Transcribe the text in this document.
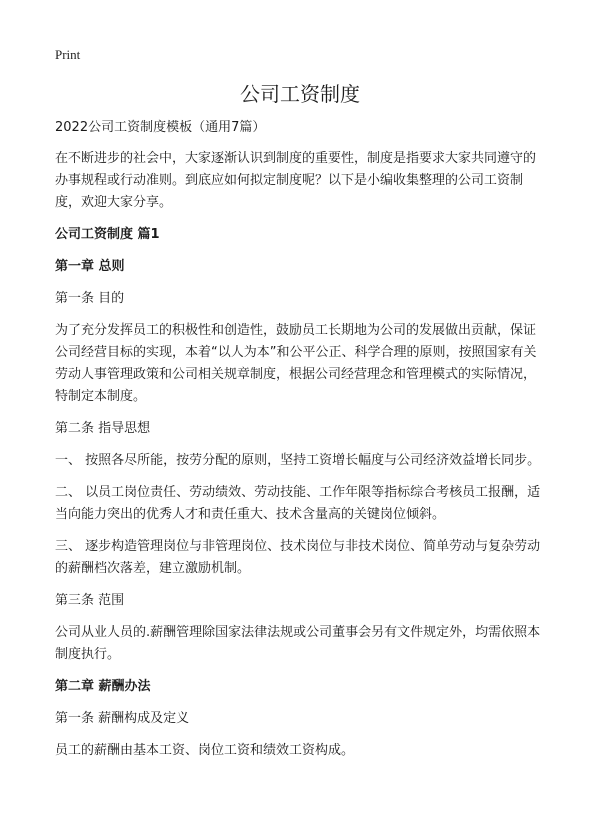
Print
公司工资制度

2022公司工资制度模板（通用7篇）

在不断进步的社会中，大家逐渐认识到制度的重要性，制度是指要求大家共同遵守的办事规程或行动准则。到底应如何拟定制度呢？以下是小编收集整理的公司工资制度，欢迎大家分享。

公司工资制度 篇1

第一章 总则

第一条 目的

为了充分发挥员工的积极性和创造性，鼓励员工长期地为公司的发展做出贡献，保证公司经营目标的实现，本着“以人为本”和公平公正、科学合理的原则，按照国家有关劳动人事管理政策和公司相关规章制度，根据公司经营理念和管理模式的实际情况，特制定本制度。

第二条 指导思想

一、 按照各尽所能，按劳分配的原则，坚持工资增长幅度与公司经济效益增长同步。

二、 以员工岗位责任、劳动绩效、劳动技能、工作年限等指标综合考核员工报酬，适当向能力突出的优秀人才和责任重大、技术含量高的关键岗位倾斜。

三、 逐步构造管理岗位与非管理岗位、技术岗位与非技术岗位、简单劳动与复杂劳动的薪酬档次落差，建立激励机制。

第三条 范围

公司从业人员的.薪酬管理除国家法律法规或公司董事会另有文件规定外，均需依照本制度执行。

第二章 薪酬办法

第一条 薪酬构成及定义

员工的薪酬由基本工资、岗位工资和绩效工资构成。
